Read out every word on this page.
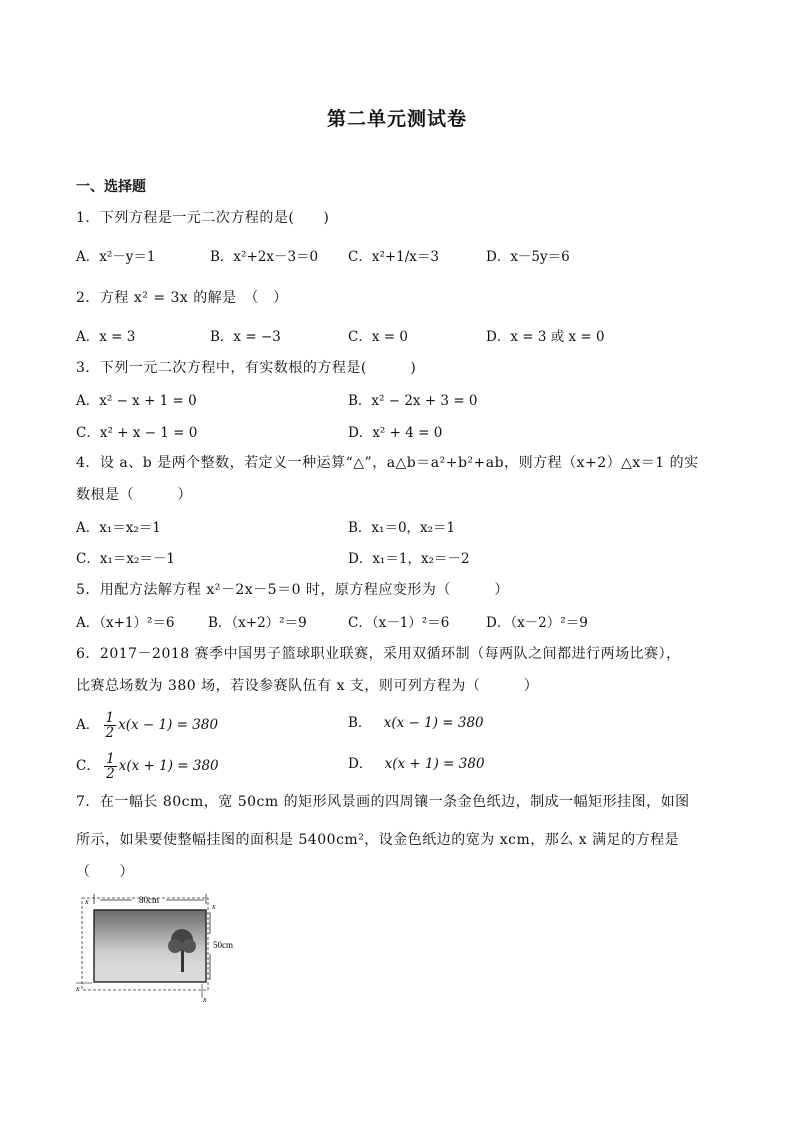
第二单元测试卷
一、选择题
1．下列方程是一元二次方程的是(　　)
A．x²－y＝1	B．x²+2x－3＝0 C．x²+1/x＝3	D．x－5y＝6
2．方程 x² = 3x 的解是　（　）
A．x = 3	B．x = −3	C．x = 0	D．x = 3 或 x = 0
3．下列一元二次方程中，有实数根的方程是(　　　)
A．x² − x + 1 = 0	B．x² − 2x + 3 = 0
C．x² + x − 1 = 0	D．x² + 4 = 0
4．设 a、b 是两个整数，若定义一种运算“△”，a△b＝a²+b²+ab，则方程（x+2）△x＝1 的实
数根是（　　　）
A．x₁＝x₂＝1	B．x₁＝0，x₂＝1
C．x₁＝x₂＝－1	D．x₁＝1，x₂＝－2
5．用配方法解方程 x²－2x－5＝0 时，原方程应变形为（　　　）
A．（x+1）²＝6 B．（x+2）²＝9	C．（x－1）²＝6	D．（x－2）²＝9
6．2017－2018 赛季中国男子篮球职业联赛，采用双循环制（每两队之间都进行两场比赛），
比赛总场数为 380 场，若设参赛队伍有 x 支，则可列方程为（　　　）
A． $\frac{1}{2} x(x - 1) = 380$	B． x(x − 1) = 380
C． $\frac{1}{2} x(x + 1) = 380$	D． x(x + 1) = 380
7．在一幅长 80cm，宽 50cm 的矩形风景画的四周镶一条金色纸边，制成一幅矩形挂图，如图
所示，如果要使整幅挂图的面积是 5400cm²，设金色纸边的宽为 xcm，那么 x 满足的方程是
（　　）
80cm
x
x
50cm
x
x
